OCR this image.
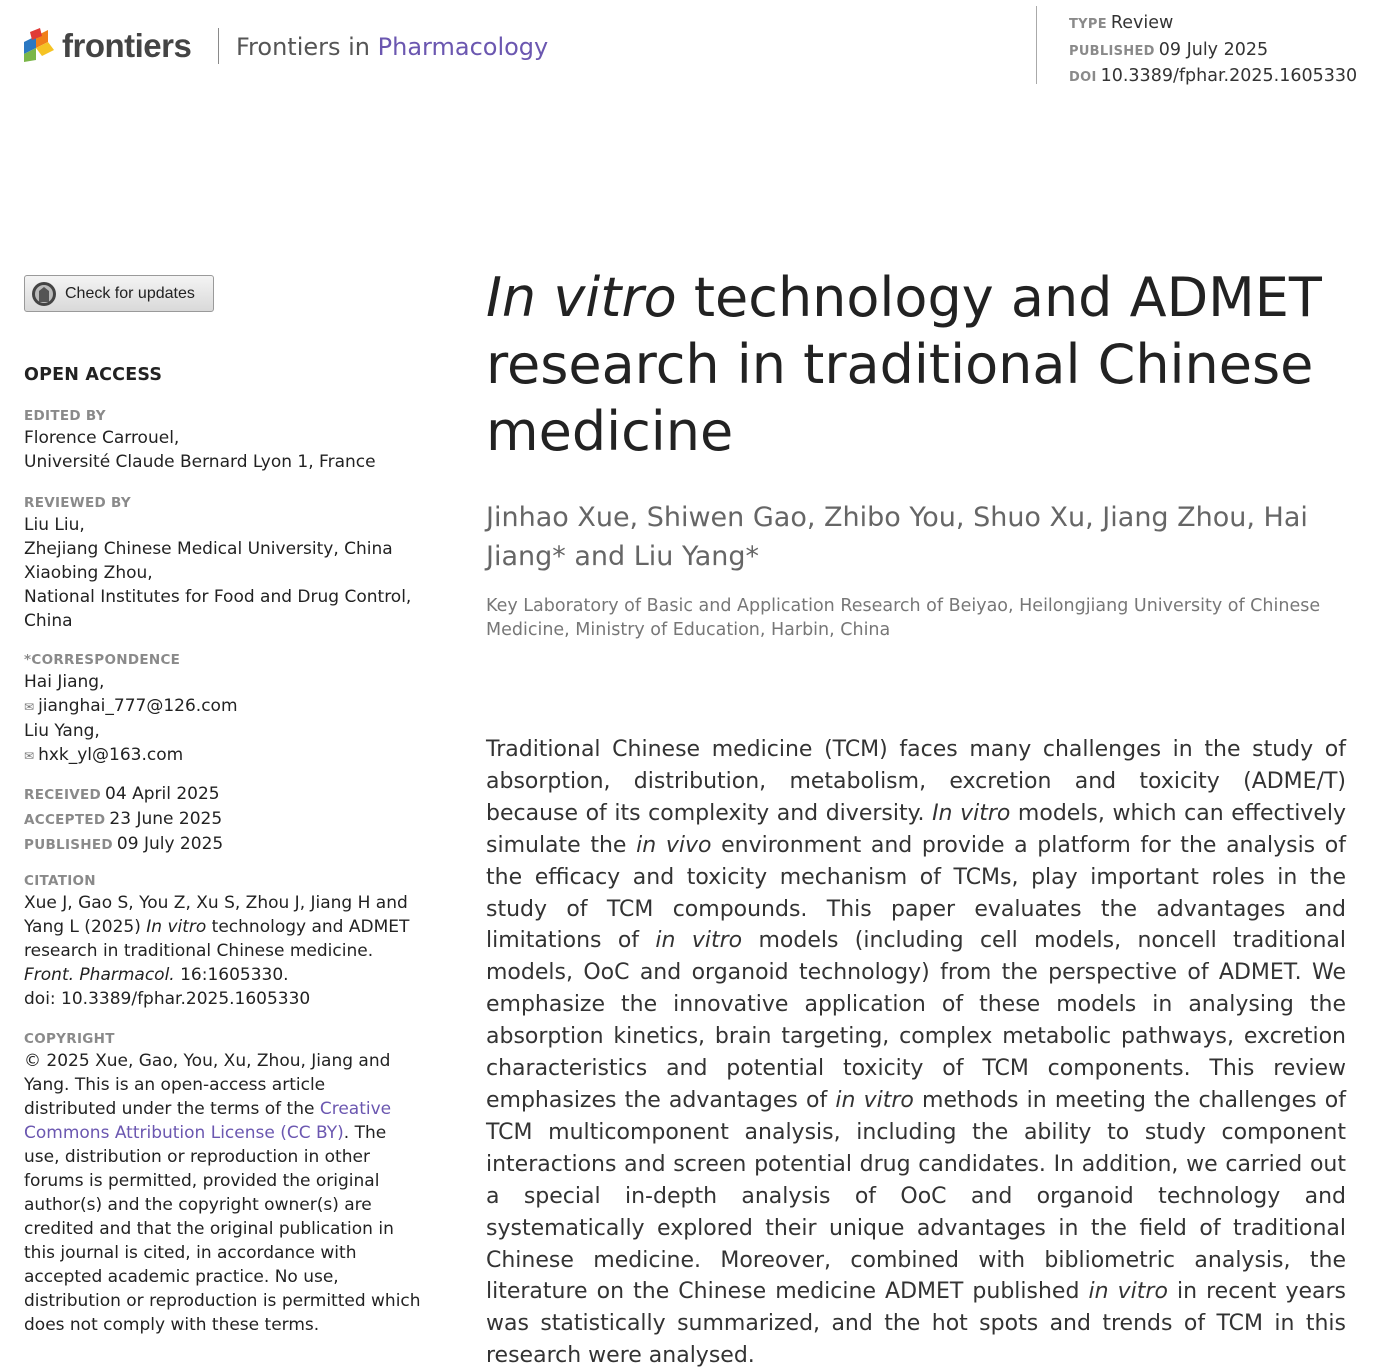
frontiers Frontiers in Pharmacology
TYPE Review
PUBLISHED 09 July 2025
DOI 10.3389/fphar.2025.1605330
Check for updates
OPEN ACCESS
EDITED BY
Florence Carrouel,
Université Claude Bernard Lyon 1, France
REVIEWED BY
Liu Liu,
Zhejiang Chinese Medical University, China
Xiaobing Zhou,
National Institutes for Food and Drug Control,
China
*CORRESPONDENCE
Hai Jiang,
✉ jianghai_777@126.com
Liu Yang,
✉ hxk_yl@163.com
RECEIVED 04 April 2025
ACCEPTED 23 June 2025
PUBLISHED 09 July 2025
CITATION
Xue J, Gao S, You Z, Xu S, Zhou J, Jiang H and
Yang L (2025) In vitro technology and ADMET
research in traditional Chinese medicine.
Front. Pharmacol. 16:1605330.
doi: 10.3389/fphar.2025.1605330
COPYRIGHT
© 2025 Xue, Gao, You, Xu, Zhou, Jiang and Yang. This is an open-access article distributed under the terms of the Creative Commons Attribution License (CC BY). The use, distribution or reproduction in other forums is permitted, provided the original author(s) and the copyright owner(s) are credited and that the original publication in this journal is cited, in accordance with accepted academic practice. No use, distribution or reproduction is permitted which does not comply with these terms.
In vitro technology and ADMET research in traditional Chinese medicine
Jinhao Xue, Shiwen Gao, Zhibo You, Shuo Xu, Jiang Zhou, Hai Jiang* and Liu Yang*
Key Laboratory of Basic and Application Research of Beiyao, Heilongjiang University of Chinese Medicine, Ministry of Education, Harbin, China
Traditional Chinese medicine (TCM) faces many challenges in the study of absorption, distribution, metabolism, excretion and toxicity (ADME/T) because of its complexity and diversity. In vitro models, which can effectively simulate the in vivo environment and provide a platform for the analysis of the efficacy and toxicity mechanism of TCMs, play important roles in the study of TCM compounds. This paper evaluates the advantages and limitations of in vitro models (including cell models, noncell traditional models, OoC and organoid technology) from the perspective of ADMET. We emphasize the innovative application of these models in analysing the absorption kinetics, brain targeting, complex metabolic pathways, excretion characteristics and potential toxicity of TCM components. This review emphasizes the advantages of in vitro methods in meeting the challenges of TCM multicomponent analysis, including the ability to study component interactions and screen potential drug candidates. In addition, we carried out a special in-depth analysis of OoC and organoid technology and systematically explored their unique advantages in the field of traditional Chinese medicine. Moreover, combined with bibliometric analysis, the literature on the Chinese medicine ADMET published in vitro in recent years was statistically summarized, and the hot spots and trends of TCM in this research were analysed.
